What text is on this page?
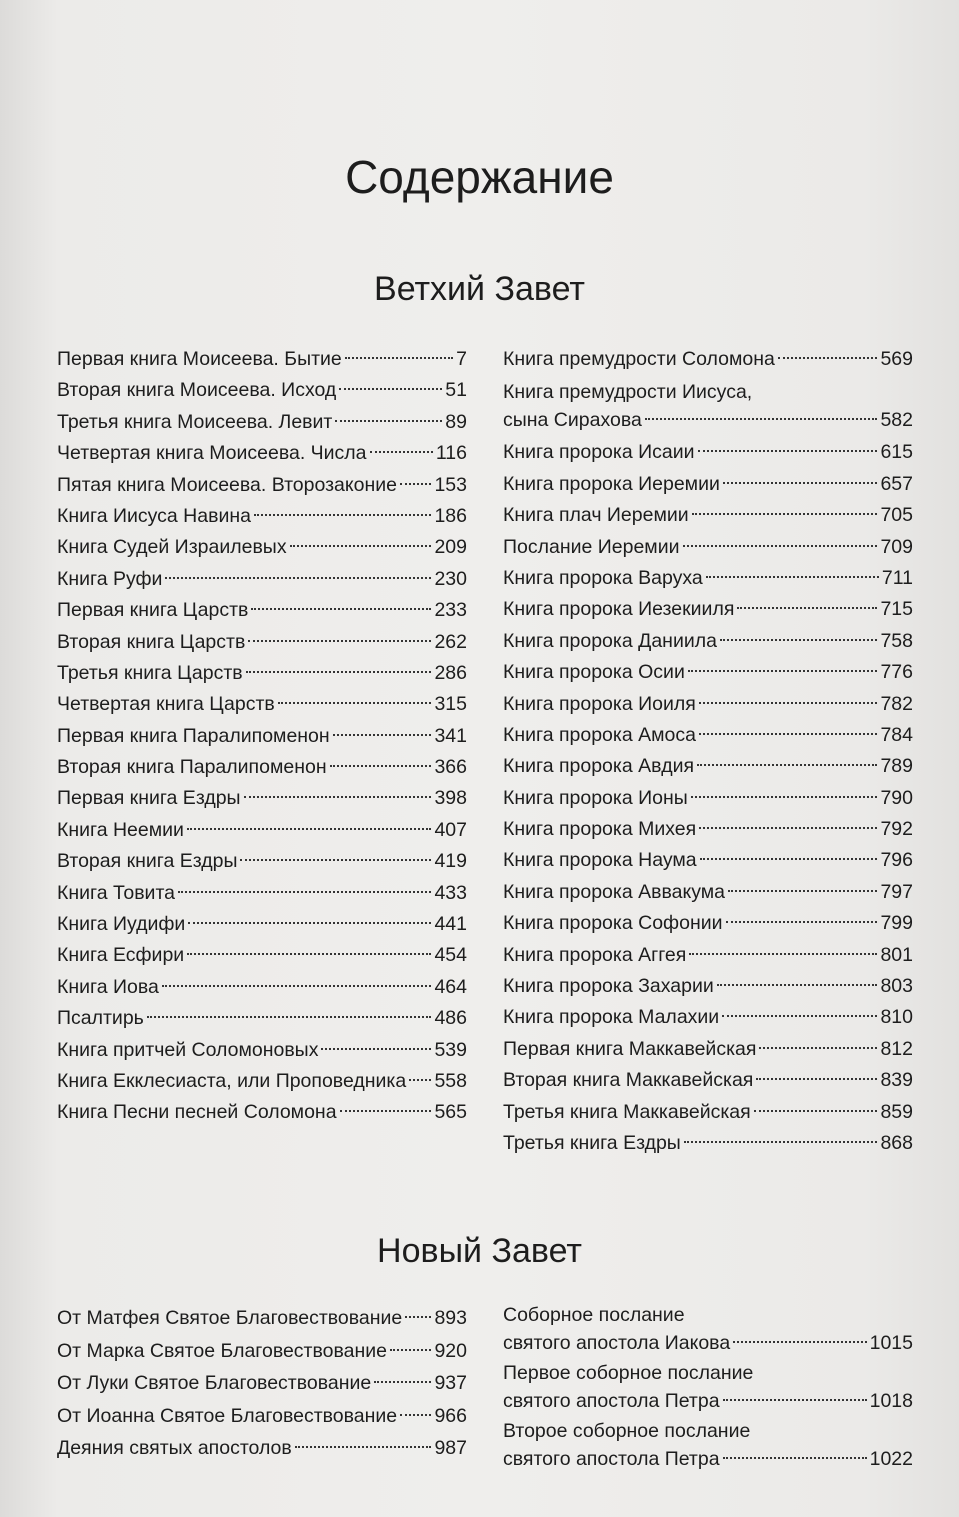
Содержание
Ветхий Завет
Первая книга Моисеева. Бытие	7
Вторая книга Моисеева. Исход	51
Третья книга Моисеева. Левит	89
Четвертая книга Моисеева. Числа	116
Пятая книга Моисеева. Второзаконие 153
Книга Иисуса Навина	186
Книга Судей Израилевых	209
Книга Руфи	230
Первая книга Царств	233
Вторая книга Царств	262
Третья книга Царств	286
Четвертая книга Царств	315
Первая книга Паралипоменон	341
Вторая книга Паралипоменон	366
Первая книга Ездры	398
Книга Неемии	407
Вторая книга Ездры	419
Книга Товита	433
Книга Иудифи	441
Книга Есфири	454
Книга Иова	464
Псалтирь	486
Книга притчей Соломоновых	539
Книга Екклесиаста, или Проповедника 558
Книга Песни песней Соломона	565
Книга премудрости Соломона	569
Книга премудрости Иисуса,
сына Сирахова	582
Книга пророка Исаии	615
Книга пророка Иеремии	657
Книга плач Иеремии	705
Послание Иеремии	709
Книга пророка Варуха	711
Книга пророка Иезекииля	715
Книга пророка Даниила	758
Книга пророка Осии	776
Книга пророка Иоиля	782
Книга пророка Амоса	784
Книга пророка Авдия	789
Книга пророка Ионы	790
Книга пророка Михея	792
Книга пророка Наума	796
Книга пророка Аввакума	797
Книга пророка Софонии	799
Книга пророка Аггея	801
Книга пророка Захарии	803
Книга пророка Малахии	810
Первая книга Маккавейская	812
Вторая книга Маккавейская	839
Третья книга Маккавейская	859
Третья книга Ездры	868
Новый Завет
От Матфея Святое Благовествование 893
От Марка Святое Благовествование 920
От Луки Святое Благовествование	937
От Иоанна Святое Благовествование 966
Деяния святых апостолов	987
Соборное послание
святого апостола Иакова	1015
Первое соборное послание
святого апостола Петра	1018
Второе соборное послание
святого апостола Петра	1022
